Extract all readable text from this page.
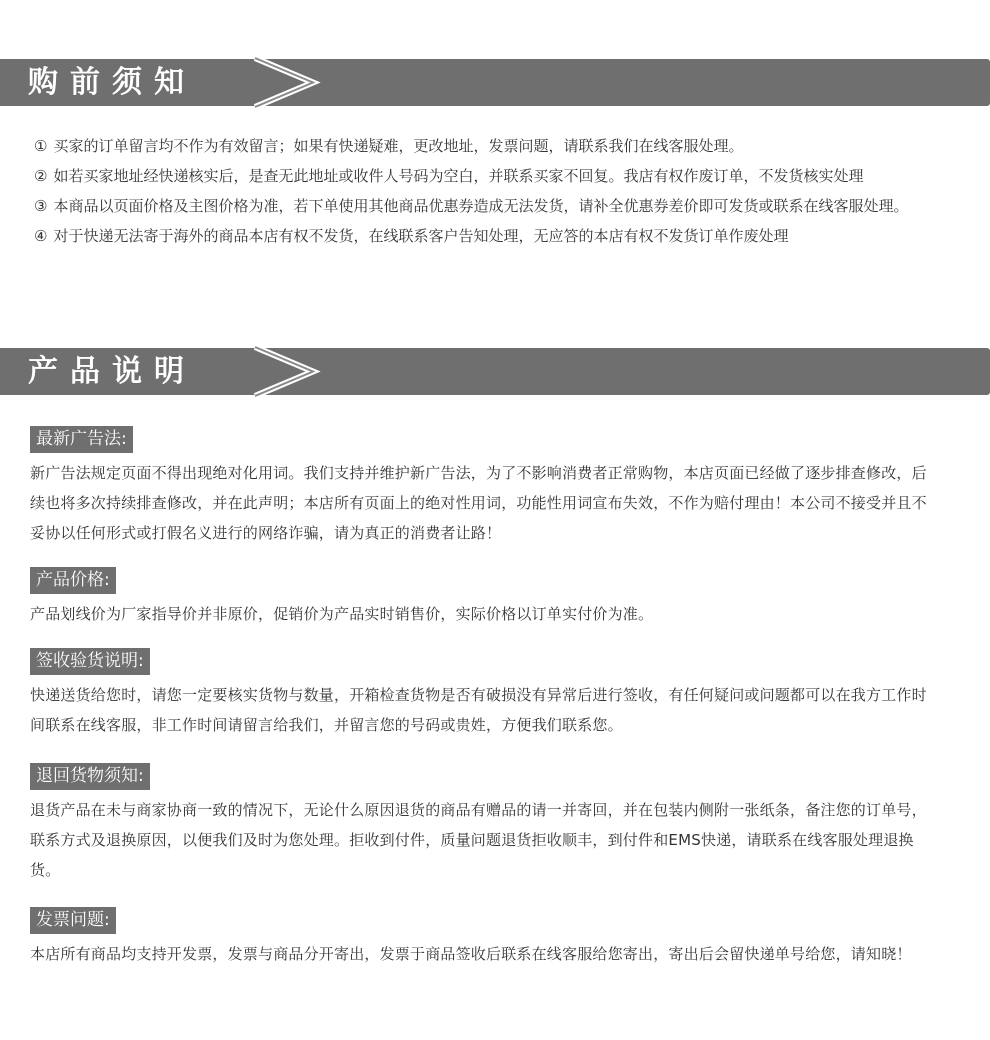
购前须知
① 买家的订单留言均不作为有效留言；如果有快递疑难，更改地址，发票问题，请联系我们在线客服处理。
② 如若买家地址经快递核实后，是查无此地址或收件人号码为空白，并联系买家不回复。我店有权作废订单，不发货核实处理
③ 本商品以页面价格及主图价格为准，若下单使用其他商品优惠券造成无法发货，请补全优惠券差价即可发货或联系在线客服处理。
④ 对于快递无法寄于海外的商品本店有权不发货，在线联系客户告知处理，无应答的本店有权不发货订单作废处理
产品说明
最新广告法:

新广告法规定页面不得出现绝对化用词。我们支持并维护新广告法，为了不影响消费者正常购物，本店页面已经做了逐步排查修改，后续也将多次持续排查修改，并在此声明；本店所有页面上的绝对性用词，功能性用词宣布失效，不作为赔付理由！本公司不接受并且不妥协以任何形式或打假名义进行的网络诈骗，请为真正的消费者让路！

产品价格:

产品划线价为厂家指导价并非原价，促销价为产品实时销售价，实际价格以订单实付价为准。

签收验货说明:

快递送货给您时，请您一定要核实货物与数量，开箱检查货物是否有破损没有异常后进行签收，有任何疑问或问题都可以在我方工作时间联系在线客服，非工作时间请留言给我们，并留言您的号码或贵姓，方便我们联系您。

退回货物须知:

退货产品在未与商家协商一致的情况下，无论什么原因退货的商品有赠品的请一并寄回，并在包装内侧附一张纸条，备注您的订单号，联系方式及退换原因，以便我们及时为您处理。拒收到付件，质量问题退货拒收顺丰，到付件和EMS快递，请联系在线客服处理退换货。

发票问题:

本店所有商品均支持开发票，发票与商品分开寄出，发票于商品签收后联系在线客服给您寄出，寄出后会留快递单号给您，请知晓！
